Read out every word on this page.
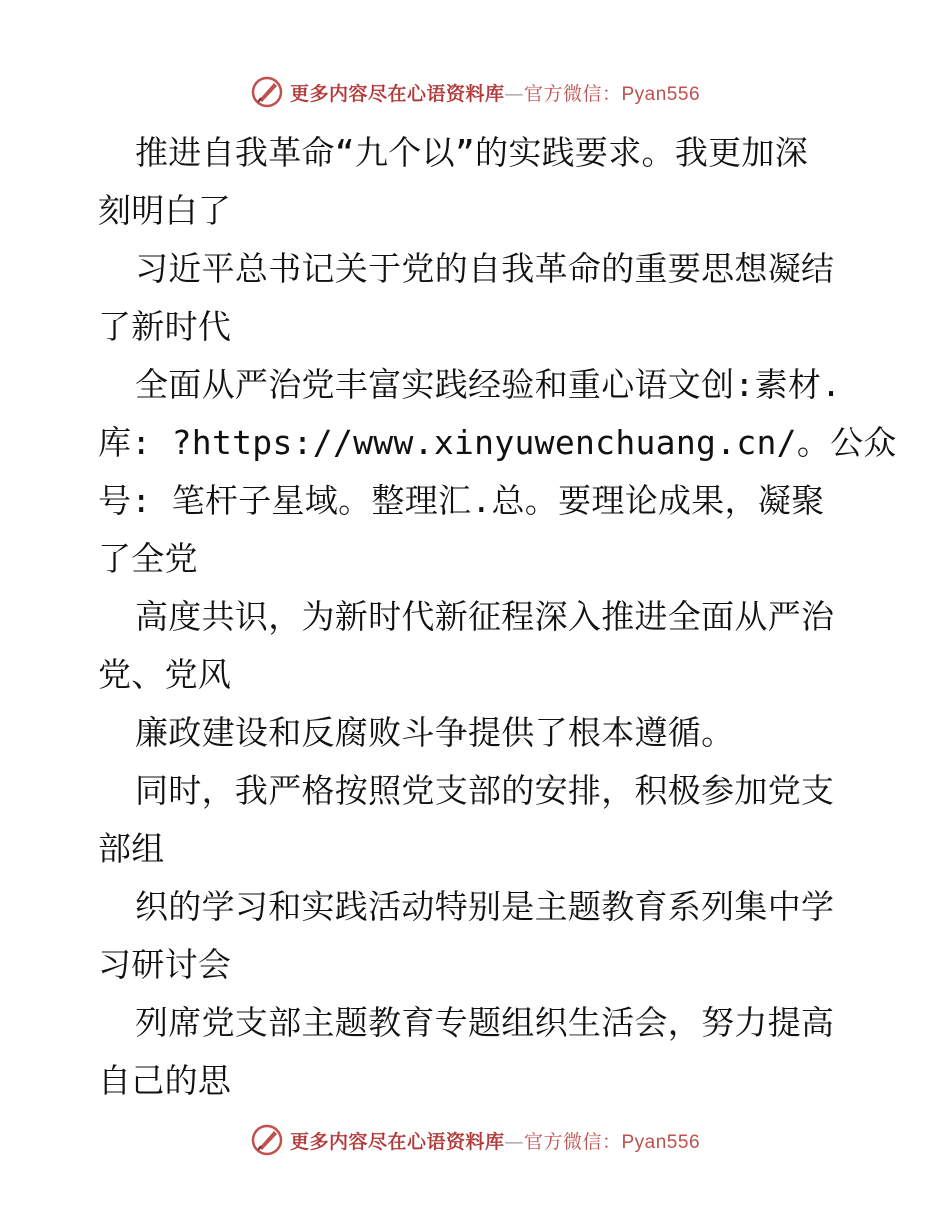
更多内容尽在心语资料库—官方微信：Pyan556
推进自我革命“九个以”的实践要求。我更加深
刻明白了
习近平总书记关于党的自我革命的重要思想凝结
了新时代
全面从严治党丰富实践经验和重心语文创:素材.
库: ?https://www.xinyuwenchuang.cn/。公众
号: 笔杆子星域。整理汇.总。要理论成果，凝聚
了全党
高度共识，为新时代新征程深入推进全面从严治
党、党风
廉政建设和反腐败斗争提供了根本遵循。
同时，我严格按照党支部的安排，积极参加党支
部组
织的学习和实践活动特别是主题教育系列集中学
习研讨会
列席党支部主题教育专题组织生活会，努力提高
自己的思
更多内容尽在心语资料库—官方微信：Pyan556
